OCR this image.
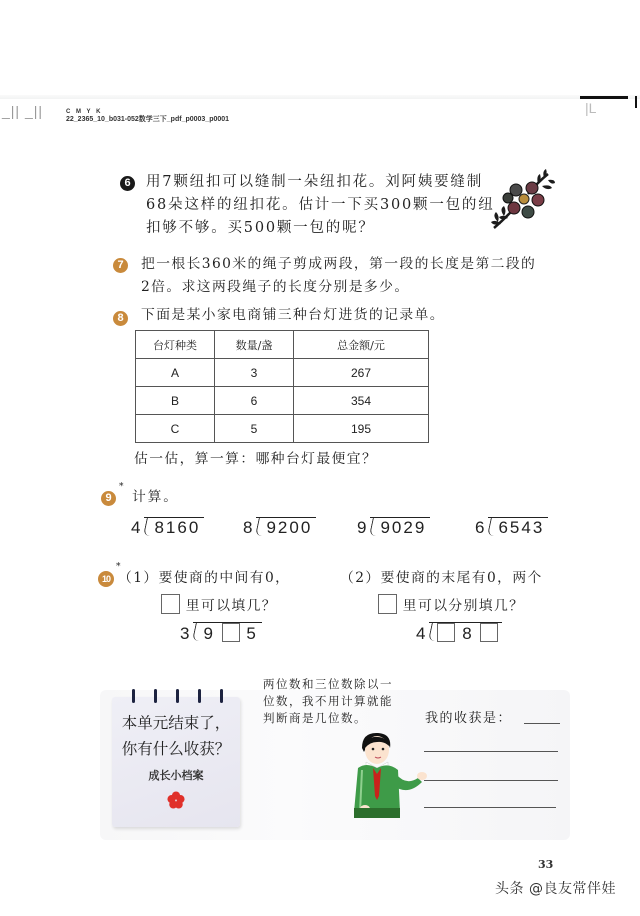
_|| _||	C M Y K
22_2365_10_b031-052数学三下_pdf_p0003_p0001
|L
6	用7颗纽扣可以缝制一朵纽扣花。刘阿姨要缝制
68朵这样的纽扣花。估计一下买300颗一包的纽
扣够不够。买500颗一包的呢？
7	把一根长360米的绳子剪成两段，第一段的长度是第二段的
2倍。求这两段绳子的长度分别是多少。
8	下面是某小家电商铺三种台灯进货的记录单。
台灯种类	数量/盏	总金额/元
A	3	267
B	6	354
C	5	195
估一估，算一算：哪种台灯最便宜？
9
*
计算。
4 8160	8 9200	9 9029	6 6543
10
*
（1）要使商的中间有0，
里可以填几？
3 9 5
（2）要使商的末尾有0，两个
里可以分别填几？
4 8
本单元结束了，
你有什么收获？
成长小档案
两位数和三位数除以一
位数，我不用计算就能
判断商是几位数。	我的收获是：
33
头条 @良友常伴娃
